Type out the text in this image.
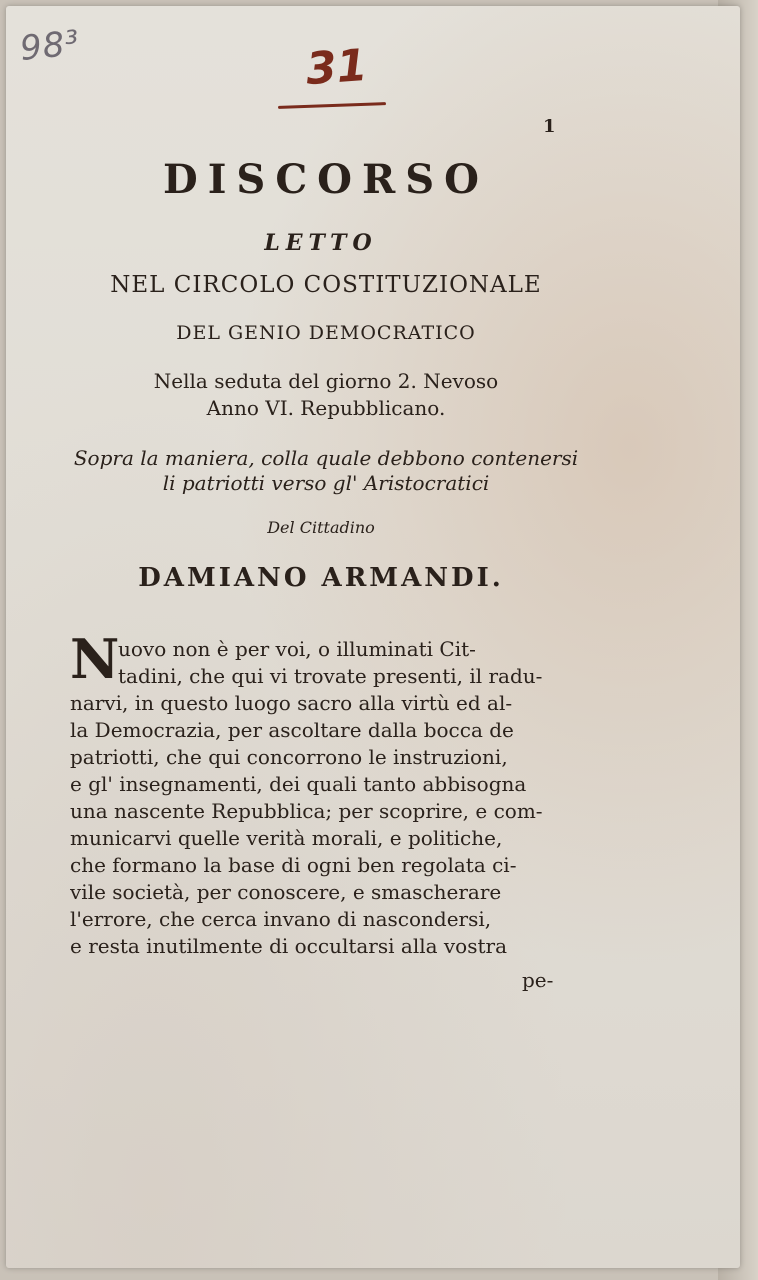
98³	31
1
DISCORSO
LETTO
NEL CIRCOLO COSTITUZIONALE
DEL GENIO DEMOCRATICO
Nella seduta del giorno 2. Nevoso
Anno VI. Repubblicano.
Sopra la maniera, colla quale debbono contenersi
li patriotti verso gl' Aristocratici
Del Cittadino
DAMIANO ARMANDI.
N
uovo non è per voi, o illuminati Cit-
tadini, che qui vi trovate presenti, il radu-
narvi, in questo luogo sacro alla virtù ed al-
la Democrazia, per ascoltare dalla bocca de
patriotti, che qui concorrono le instruzioni,
e gl' insegnamenti, dei quali tanto abbisogna
una nascente Repubblica; per scoprire, e com-
municarvi quelle verità morali, e politiche,
che formano la base di ogni ben regolata ci-
vile società, per conoscere, e smascherare
l'errore, che cerca invano di nascondersi,
e resta inutilmente di occultarsi alla vostra
pe-
